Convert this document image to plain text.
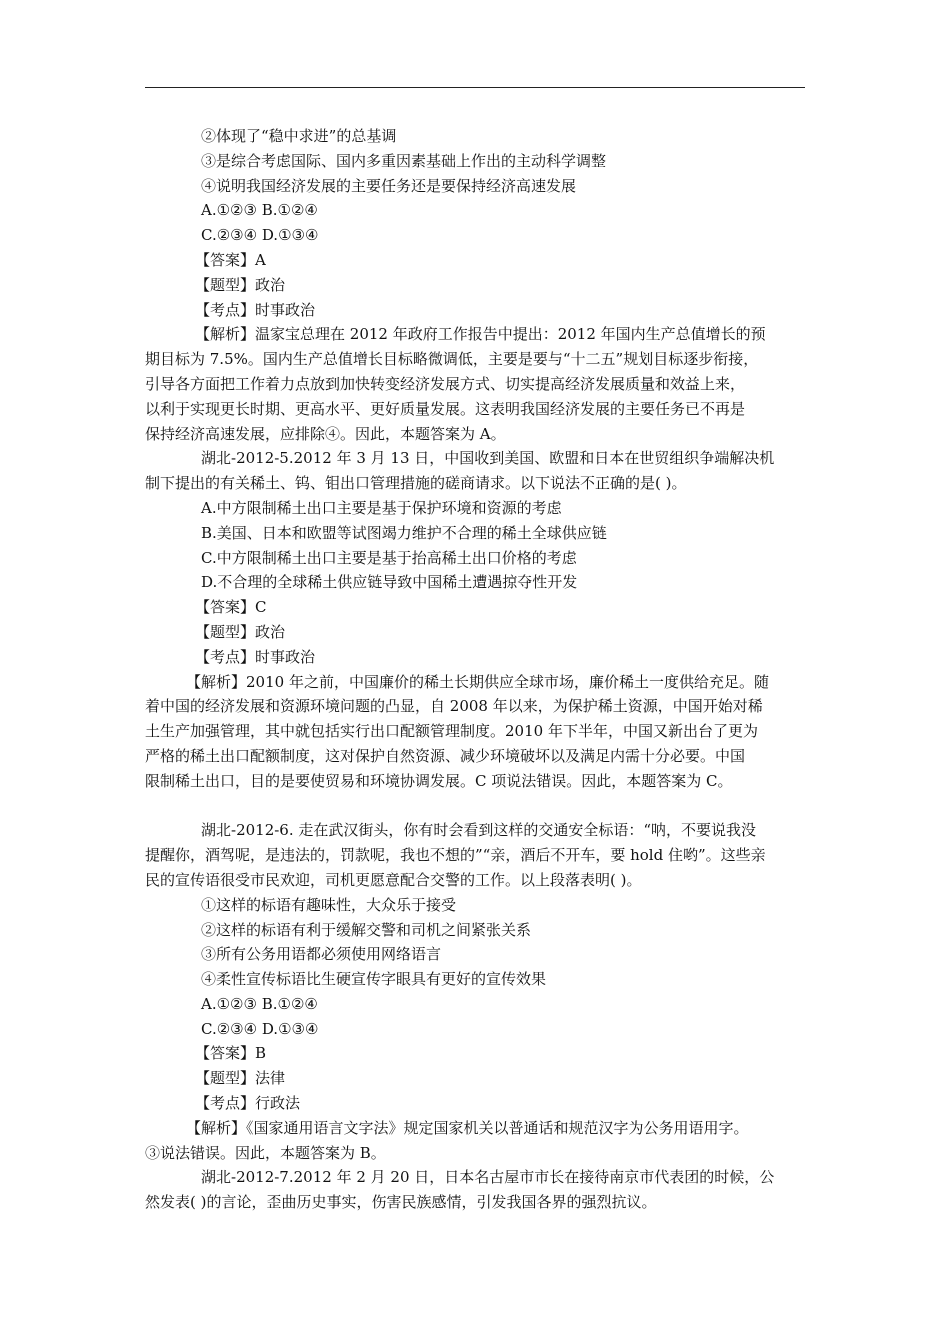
②体现了“稳中求进”的总基调
③是综合考虑国际、国内多重因素基础上作出的主动科学调整
④说明我国经济发展的主要任务还是要保持经济高速发展
A.①②③ B.①②④
C.②③④ D.①③④
【答案】A
【题型】政治
【考点】时事政治
【解析】温家宝总理在 2012 年政府工作报告中提出：2012 年国内生产总值增长的预
期目标为 7.5%。国内生产总值增长目标略微调低，主要是要与“十二五”规划目标逐步衔接，
引导各方面把工作着力点放到加快转变经济发展方式、切实提高经济发展质量和效益上来，
以利于实现更长时期、更高水平、更好质量发展。这表明我国经济发展的主要任务已不再是
保持经济高速发展，应排除④。因此，本题答案为 A。
湖北-2012-5.2012 年 3 月 13 日，中国收到美国、欧盟和日本在世贸组织争端解决机
制下提出的有关稀土、钨、钼出口管理措施的磋商请求。以下说法不正确的是( )。
A.中方限制稀土出口主要是基于保护环境和资源的考虑
B.美国、日本和欧盟等试图竭力维护不合理的稀土全球供应链
C.中方限制稀土出口主要是基于抬高稀土出口价格的考虑
D.不合理的全球稀土供应链导致中国稀土遭遇掠夺性开发
【答案】C
【题型】政治
【考点】时事政治
【解析】2010 年之前，中国廉价的稀土长期供应全球市场，廉价稀土一度供给充足。随
着中国的经济发展和资源环境问题的凸显，自 2008 年以来，为保护稀土资源，中国开始对稀
土生产加强管理，其中就包括实行出口配额管理制度。2010 年下半年，中国又新出台了更为
严格的稀土出口配额制度，这对保护自然资源、减少环境破坏以及满足内需十分必要。中国
限制稀土出口，目的是要使贸易和环境协调发展。C 项说法错误。因此，本题答案为 C。
湖北-2012-6. 走在武汉街头，你有时会看到这样的交通安全标语：“呐，不要说我没
提醒你，酒驾呢，是违法的，罚款呢，我也不想的”“亲，酒后不开车，要 hold 住哟”。这些亲
民的宣传语很受市民欢迎，司机更愿意配合交警的工作。以上段落表明( )。
①这样的标语有趣味性，大众乐于接受
②这样的标语有利于缓解交警和司机之间紧张关系
③所有公务用语都必须使用网络语言
④柔性宣传标语比生硬宣传字眼具有更好的宣传效果
A.①②③ B.①②④
C.②③④ D.①③④
【答案】B
【题型】法律
【考点】行政法
【解析】《国家通用语言文字法》规定国家机关以普通话和规范汉字为公务用语用字。
③说法错误。因此，本题答案为 B。
湖北-2012-7.2012 年 2 月 20 日，日本名古屋市市长在接待南京市代表团的时候，公
然发表( )的言论，歪曲历史事实，伤害民族感情，引发我国各界的强烈抗议。
